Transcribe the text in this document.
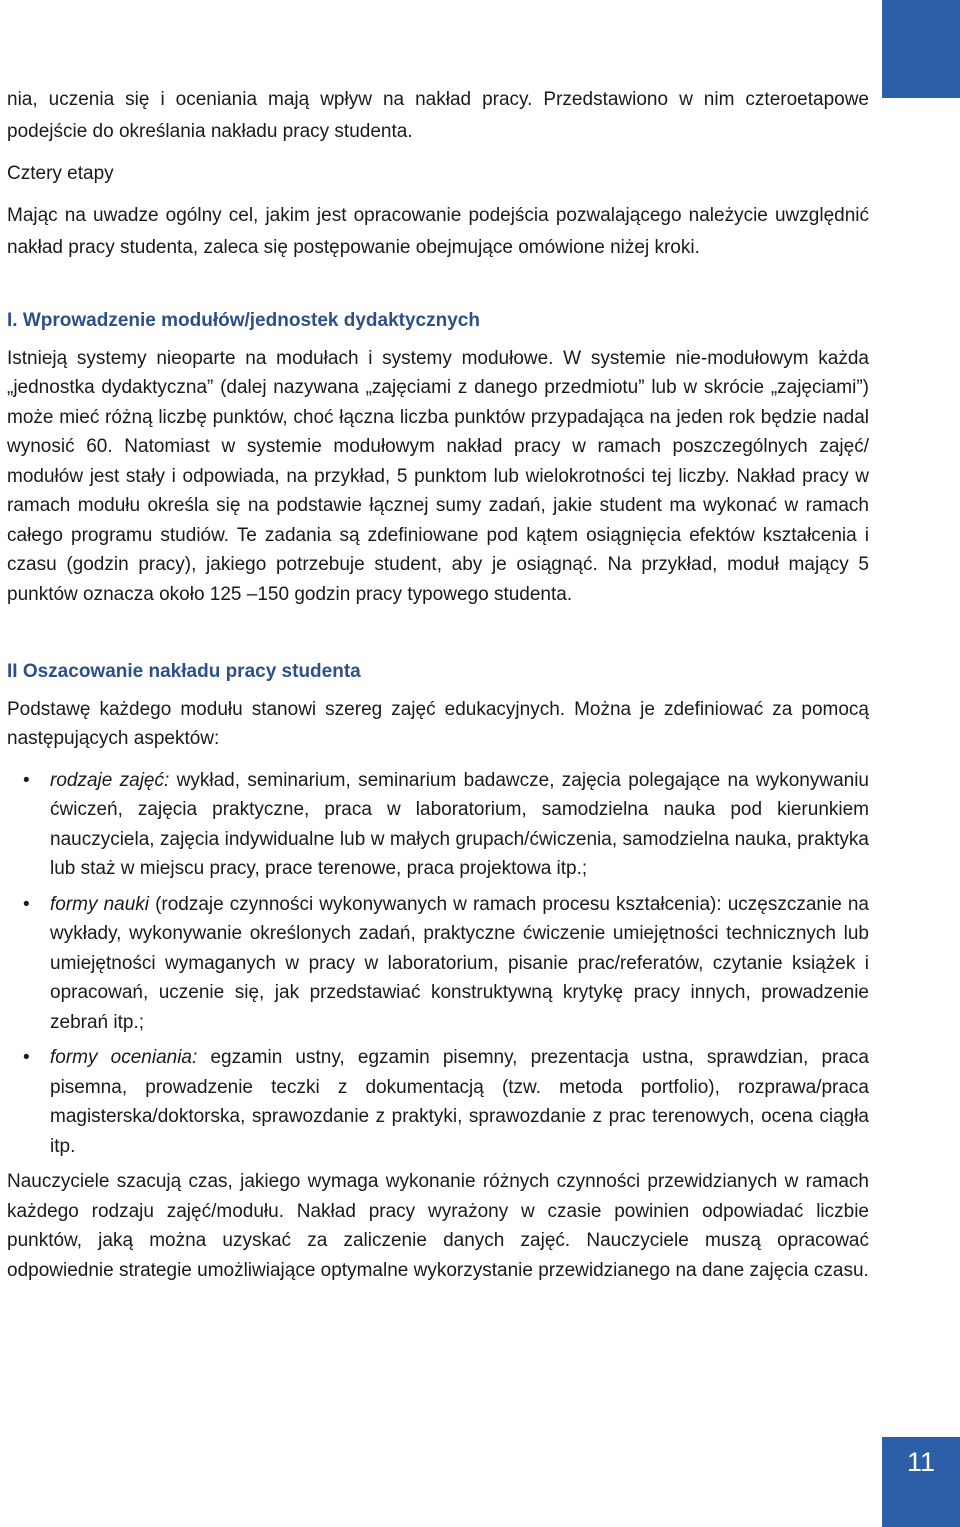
nia, uczenia się i oceniania mają wpływ na nakład pracy. Przedstawiono w nim czteroetapowe podejście do określania nakładu pracy studenta.

Cztery etapy

Mając na uwadze ogólny cel, jakim jest opracowanie podejścia pozwalającego należycie uwzględnić nakład pracy studenta, zaleca się postępowanie obejmujące omówione niżej kroki.

I. Wprowadzenie modułów/jednostek dydaktycznych

Istnieją systemy nieoparte na modułach i systemy modułowe. W systemie nie-modułowym każda „jednostka dydaktyczna” (dalej nazywana „zajęciami z danego przedmiotu” lub w skrócie „zajęciami”) może mieć różną liczbę punktów, choć łączna liczba punktów przypadająca na jeden rok będzie nadal wynosić 60. Natomiast w systemie modułowym nakład pracy w ramach poszczególnych zajęć/ modułów jest stały i odpowiada, na przykład, 5 punktom lub wielokrotności tej liczby. Nakład pracy w ramach modułu określa się na podstawie łącznej sumy zadań, jakie student ma wykonać w ramach całego programu studiów. Te zadania są zdefiniowane pod kątem osiągnięcia efektów kształcenia i czasu (godzin pracy), jakiego potrzebuje student, aby je osiągnąć. Na przykład, moduł mający 5 punktów oznacza około 125 –150 godzin pracy typowego studenta.

II Oszacowanie nakładu pracy studenta

Podstawę każdego modułu stanowi szereg zajęć edukacyjnych. Można je zdefiniować za pomocą następujących aspektów:

• rodzaje zajęć: wykład, seminarium, seminarium badawcze, zajęcia polegające na wykonywaniu ćwiczeń, zajęcia praktyczne, praca w laboratorium, samodzielna nauka pod kierunkiem nauczyciela, zajęcia indywidualne lub w małych grupach/ćwiczenia, samodzielna nauka, praktyka lub staż w miejscu pracy, prace terenowe, praca projektowa itp.;
• formy nauki (rodzaje czynności wykonywanych w ramach procesu kształcenia): uczęszczanie na wykłady, wykonywanie określonych zadań, praktyczne ćwiczenie umiejętności technicznych lub umiejętności wymaganych w pracy w laboratorium, pisanie prac/referatów, czytanie książek i opracowań, uczenie się, jak przedstawiać konstruktywną krytykę pracy innych, prowadzenie zebrań itp.;
• formy oceniania: egzamin ustny, egzamin pisemny, prezentacja ustna, sprawdzian, praca pisemna, prowadzenie teczki z dokumentacją (tzw. metoda portfolio), rozprawa/praca magisterska/doktorska, sprawozdanie z praktyki, sprawozdanie z prac terenowych, ocena ciągła itp.

Nauczyciele szacują czas, jakiego wymaga wykonanie różnych czynności przewidzianych w ramach każdego rodzaju zajęć/modułu. Nakład pracy wyrażony w czasie powinien odpowiadać liczbie punktów, jaką można uzyskać za zaliczenie danych zajęć. Nauczyciele muszą opracować odpowiednie strategie umożliwiające optymalne wykorzystanie przewidzianego na dane zajęcia czasu.

11
